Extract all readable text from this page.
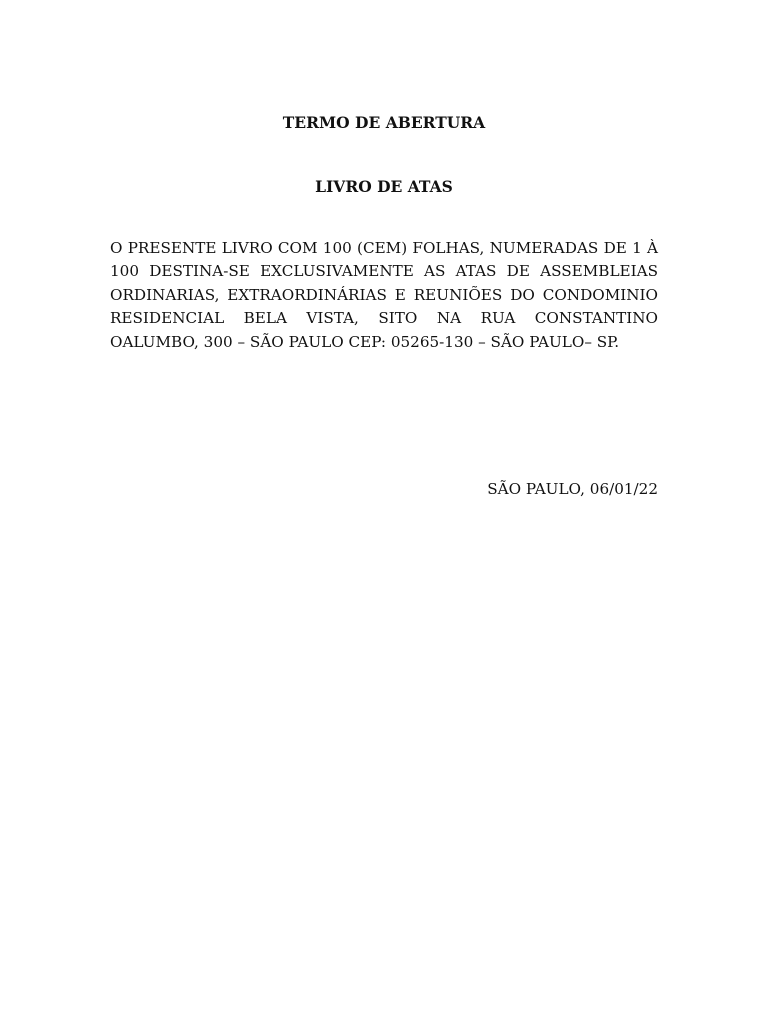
TERMO DE ABERTURA
LIVRO DE ATAS

O PRESENTE LIVRO COM 100 (CEM) FOLHAS, NUMERADAS DE 1 À 100 DESTINA-SE EXCLUSIVAMENTE AS ATAS DE ASSEMBLEIAS ORDINARIAS, EXTRAORDINÁRIAS E REUNIÕES DO CONDOMINIO RESIDENCIAL BELA VISTA, SITO NA RUA CONSTANTINO OALUMBO, 300 – SÃO PAULO CEP: 05265-130 – SÃO PAULO– SP.

SÃO PAULO, 06/01/22
